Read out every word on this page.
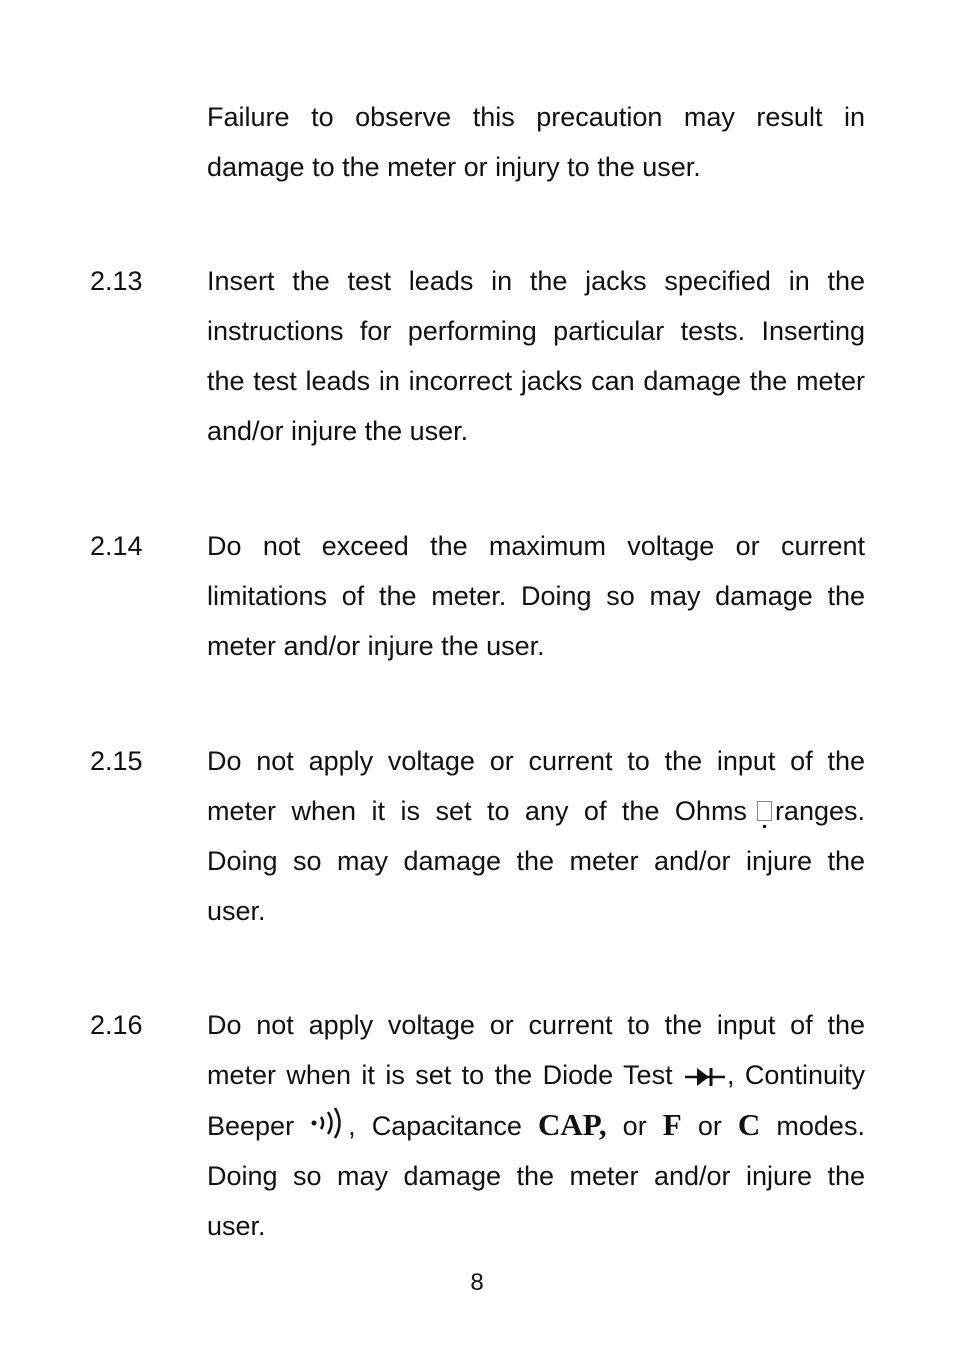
Failure to observe this precaution may result in damage to the meter or injury to the user.
2.13 Insert the test leads in the jacks specified in the instructions for performing particular tests. Inserting the test leads in incorrect jacks can damage the meter and/or injure the user.
2.14 Do not exceed the maximum voltage or current limitations of the meter. Doing so may damage the meter and/or injure the user.
2.15 Do not apply voltage or current to the input of the meter when it is set to any of the Ohms ranges. Doing so may damage the meter and/or injure the user.
2.16 Do not apply voltage or current to the input of the meter when it is set to the Diode Test , Continuity Beeper , Capacitance CAP, or F or C modes. Doing so may damage the meter and/or injure the user.
8
